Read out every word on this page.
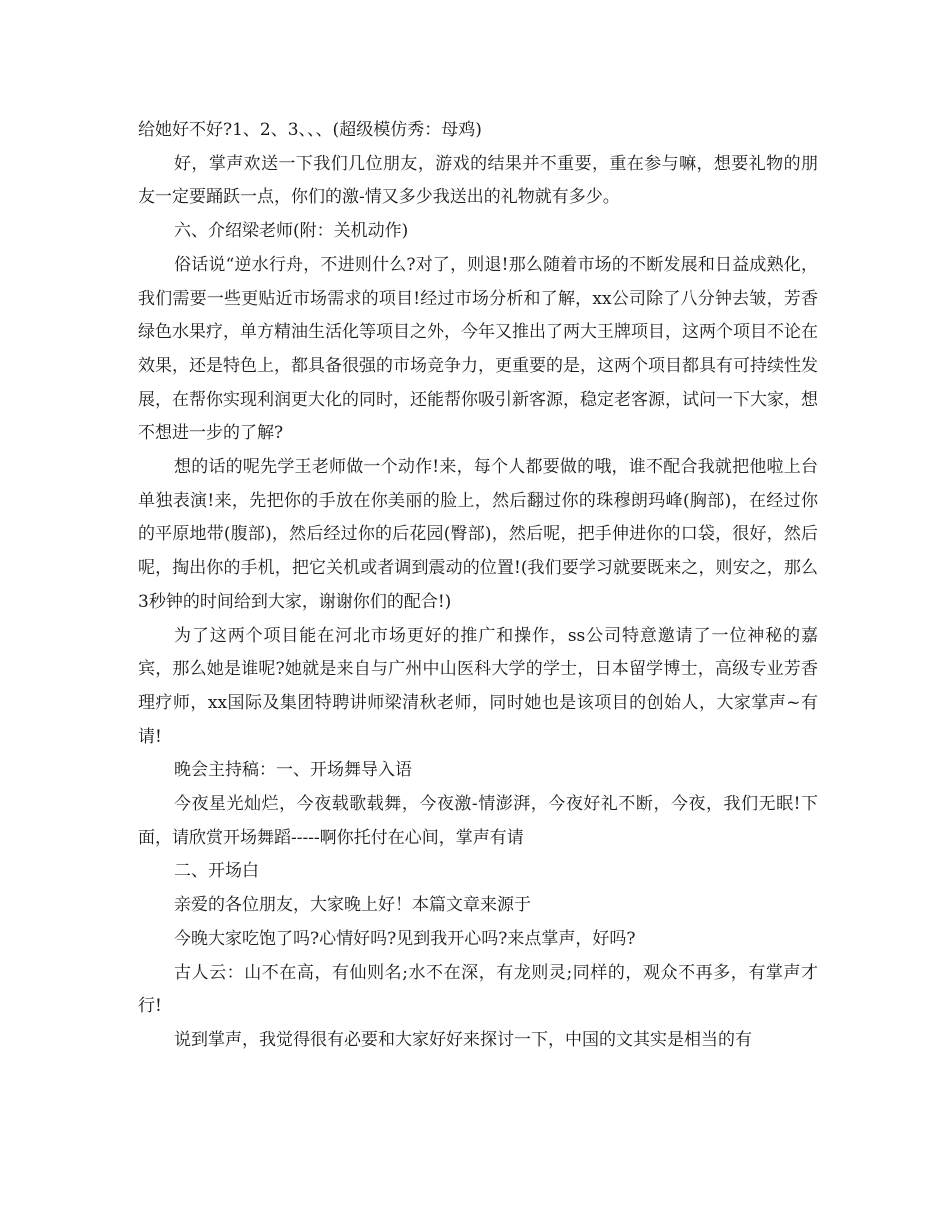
给她好不好?1、2、3、、、(超级模仿秀：母鸡)

好，掌声欢送一下我们几位朋友，游戏的结果并不重要，重在参与嘛，想要礼物的朋友一定要踊跃一点，你们的激-情又多少我送出的礼物就有多少。

六、介绍梁老师(附：关机动作)

俗话说“逆水行舟，不进则什么?对了，则退!那么随着市场的不断发展和日益成熟化，我们需要一些更贴近市场需求的项目!经过市场分析和了解，xx公司除了八分钟去皱，芳香绿色水果疗，单方精油生活化等项目之外，今年又推出了两大王牌项目，这两个项目不论在效果，还是特色上，都具备很强的市场竞争力，更重要的是，这两个项目都具有可持续性发展，在帮你实现利润更大化的同时，还能帮你吸引新客源，稳定老客源，试问一下大家，想不想进一步的了解?

想的话的呢先学王老师做一个动作!来，每个人都要做的哦，谁不配合我就把他啦上台单独表演!来，先把你的手放在你美丽的脸上，然后翻过你的珠穆朗玛峰(胸部)，在经过你的平原地带(腹部)，然后经过你的后花园(臀部)，然后呢，把手伸进你的口袋，很好，然后呢，掏出你的手机，把它关机或者调到震动的位置!(我们要学习就要既来之，则安之，那么3秒钟的时间给到大家，谢谢你们的配合!)

为了这两个项目能在河北市场更好的推广和操作，ss公司特意邀请了一位神秘的嘉宾，那么她是谁呢?她就是来自与广州中山医科大学的学士，日本留学博士，高级专业芳香理疗师，xx国际及集团特聘讲师梁清秋老师，同时她也是该项目的创始人，大家掌声~有请!

晚会主持稿：一、开场舞导入语

今夜星光灿烂，今夜载歌载舞，今夜激-情澎湃，今夜好礼不断，今夜，我们无眠!下面，请欣赏开场舞蹈-----啊你托付在心间，掌声有请

二、开场白

亲爱的各位朋友，大家晚上好！本篇文章来源于

今晚大家吃饱了吗?心情好吗?见到我开心吗?来点掌声，好吗?

古人云：山不在高，有仙则名;水不在深，有龙则灵;同样的，观众不再多，有掌声才行!

说到掌声，我觉得很有必要和大家好好来探讨一下，中国的文其实是相当的有
